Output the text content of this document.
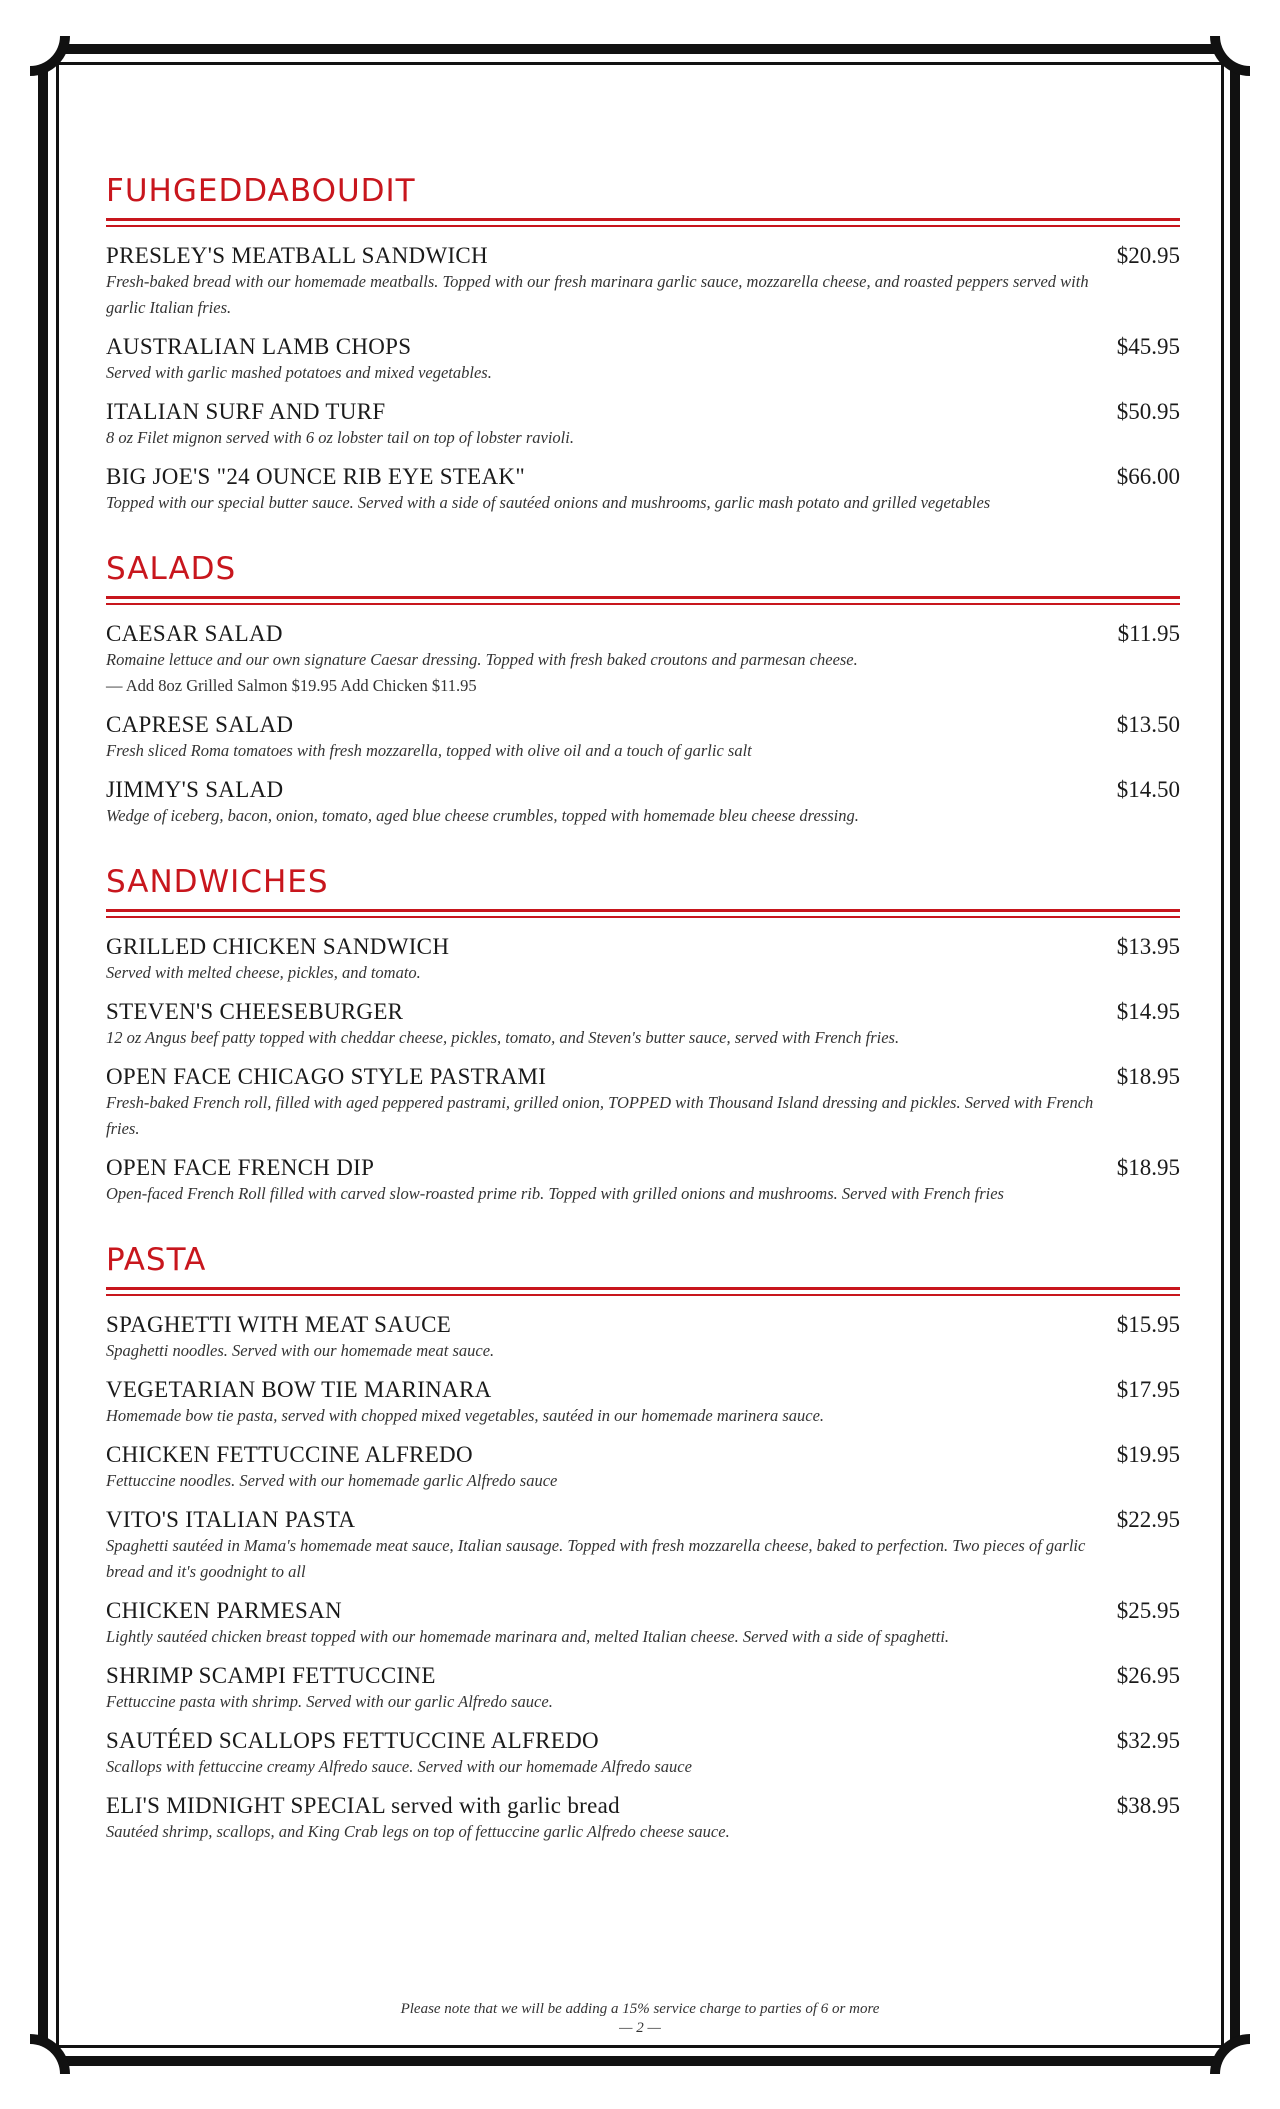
FUHGEDDABOUDIT
PRESLEY'S MEATBALL SANDWICH	$20.95
Fresh-baked bread with our homemade meatballs. Topped with our fresh marinara garlic sauce, mozzarella cheese, and roasted peppers served with garlic Italian fries.
AUSTRALIAN LAMB CHOPS	$45.95
Served with garlic mashed potatoes and mixed vegetables.
ITALIAN SURF AND TURF	$50.95
8 oz Filet mignon served with 6 oz lobster tail on top of lobster ravioli.
BIG JOE'S "24 OUNCE RIB EYE STEAK"	$66.00
Topped with our special butter sauce. Served with a side of sautéed onions and mushrooms, garlic mash potato and grilled vegetables
SALADS
CAESAR SALAD	$11.95
Romaine lettuce and our own signature Caesar dressing. Topped with fresh baked croutons and parmesan cheese.
— Add 8oz Grilled Salmon $19.95 Add Chicken $11.95
CAPRESE SALAD	$13.50
Fresh sliced Roma tomatoes with fresh mozzarella, topped with olive oil and a touch of garlic salt
JIMMY'S SALAD	$14.50
Wedge of iceberg, bacon, onion, tomato, aged blue cheese crumbles, topped with homemade bleu cheese dressing.
SANDWICHES
GRILLED CHICKEN SANDWICH	$13.95
Served with melted cheese, pickles, and tomato.
STEVEN'S CHEESEBURGER	$14.95
12 oz Angus beef patty topped with cheddar cheese, pickles, tomato, and Steven's butter sauce, served with French fries.
OPEN FACE CHICAGO STYLE PASTRAMI	$18.95
Fresh-baked French roll, filled with aged peppered pastrami, grilled onion, TOPPED with Thousand Island dressing and pickles. Served with French fries.
OPEN FACE FRENCH DIP	$18.95
Open-faced French Roll filled with carved slow-roasted prime rib. Topped with grilled onions and mushrooms. Served with French fries
PASTA
SPAGHETTI WITH MEAT SAUCE	$15.95
Spaghetti noodles. Served with our homemade meat sauce.
VEGETARIAN BOW TIE MARINARA	$17.95
Homemade bow tie pasta, served with chopped mixed vegetables, sautéed in our homemade marinera sauce.
CHICKEN FETTUCCINE ALFREDO	$19.95
Fettuccine noodles. Served with our homemade garlic Alfredo sauce
VITO'S ITALIAN PASTA	$22.95
Spaghetti sautéed in Mama's homemade meat sauce, Italian sausage. Topped with fresh mozzarella cheese, baked to perfection. Two pieces of garlic bread and it's goodnight to all
CHICKEN PARMESAN	$25.95
Lightly sautéed chicken breast topped with our homemade marinara and, melted Italian cheese. Served with a side of spaghetti.
SHRIMP SCAMPI FETTUCCINE	$26.95
Fettuccine pasta with shrimp. Served with our garlic Alfredo sauce.
SAUTÉED SCALLOPS FETTUCCINE ALFREDO	$32.95
Scallops with fettuccine creamy Alfredo sauce. Served with our homemade Alfredo sauce
ELI'S MIDNIGHT SPECIAL served with garlic bread	$38.95
Sautéed shrimp, scallops, and King Crab legs on top of fettuccine garlic Alfredo cheese sauce.
Please note that we will be adding a 15% service charge to parties of 6 or more
— 2 —
